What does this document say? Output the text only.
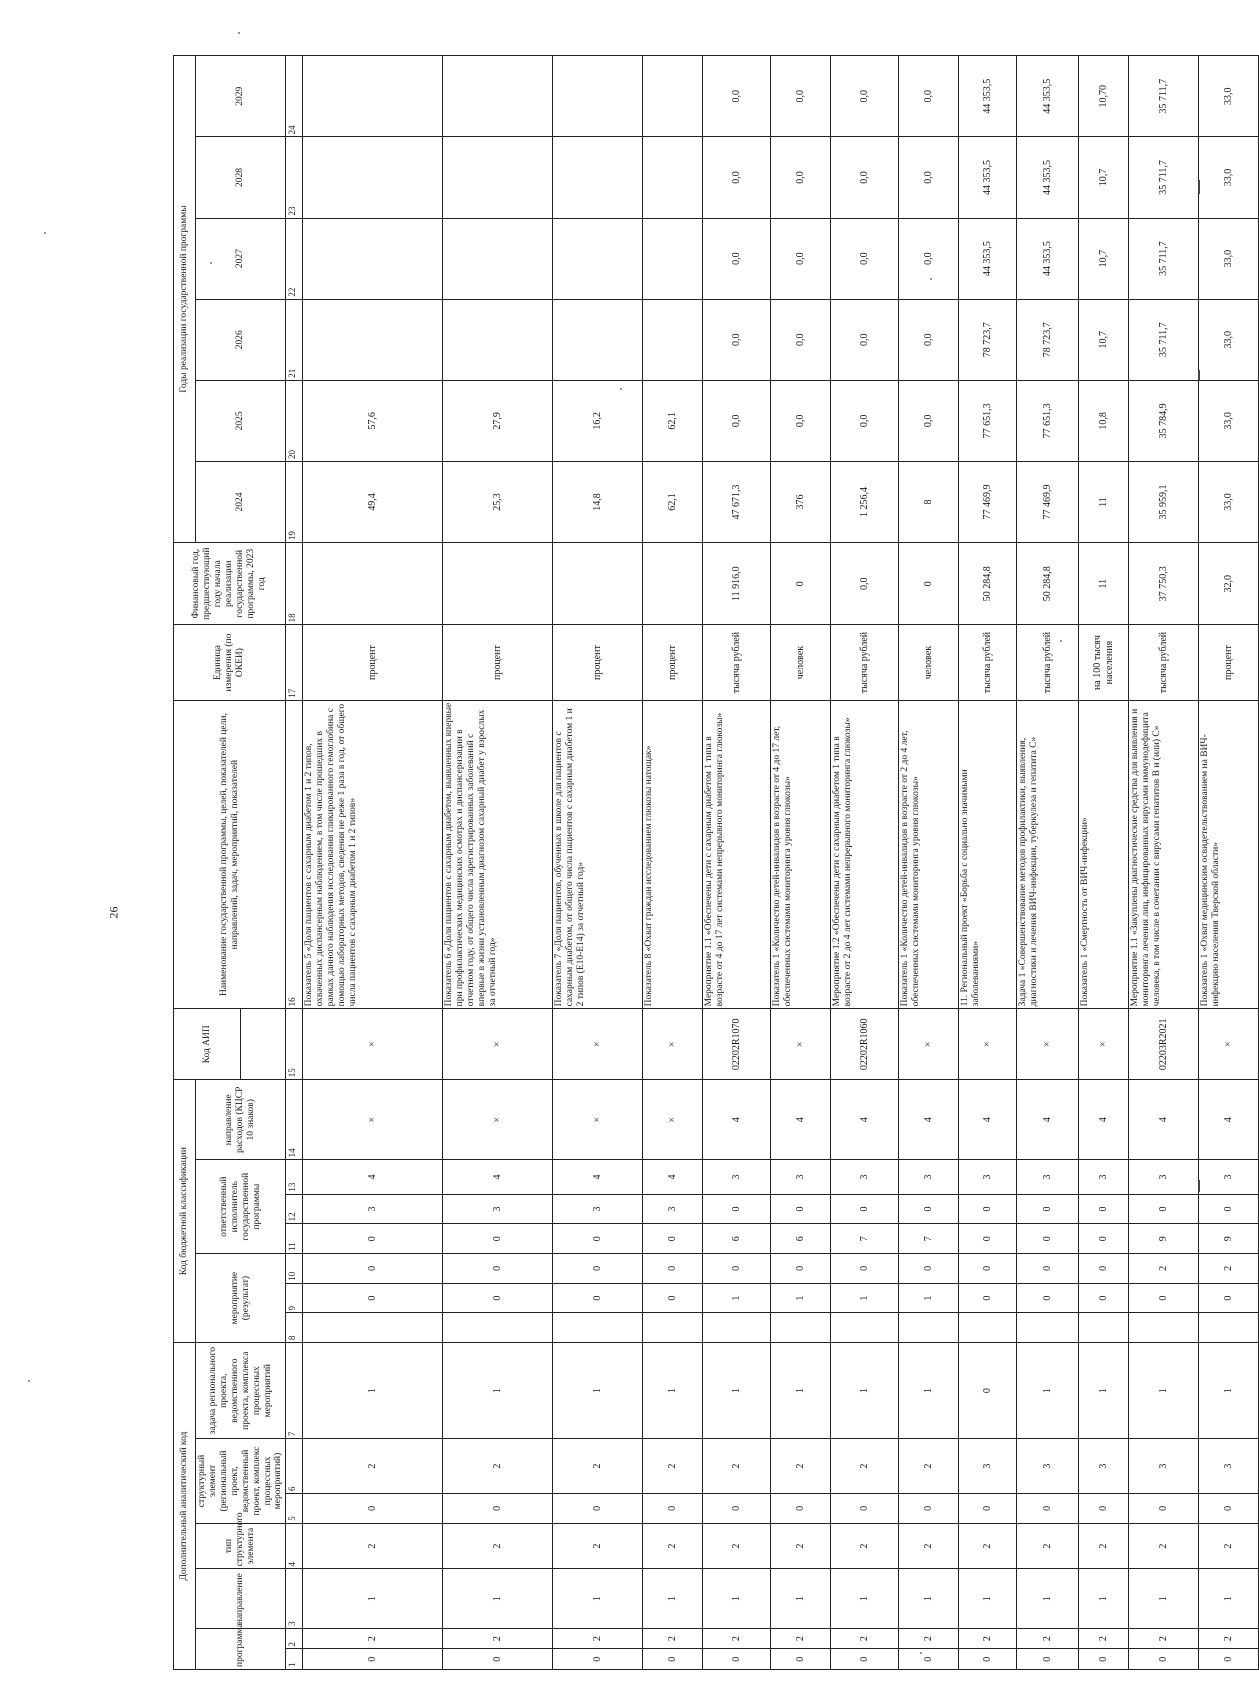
26
Дополнительный аналитический код							Код бюджетной классификации							Код АИП	Наименование государственной программы, целей, показателей цели, направлений, задач, мероприятий, показателей	Единица измерения (по ОКЕИ)	Финансовый год, предшествующий году начала реализации государственной программы, 2023 год	Годы реализации государственной программы					
программа		направление	тип структурного элемента	структурный элемент (региональный проект, ведомственный проект, комплекс процессных мероприятий)		задача регионального проекта, ведомственного проекта, комплекса процессных мероприятий	мероприятие (результат)			ответственный исполнитель государственной программы			направление расходов (КЦСР 10 знаков)					2024	2025	2026	2027	2028	2029

1	2	3	4	5	6	7	8	9	10	11	12	13	14	15	16	17	18	19	20	21	22	23	24
0	2	1	2	0	2	1		0	0	0	3	4	×	×	Показатель 5 «Доля пациентов с сахарным диабетом 1 и 2 типов, охваченных диспансерным наблюдением, в том числе прошедших в рамках данного наблюдения исследования гликированного гемоглобина с помощью лабораторных методов, сведения не реже 1 раза в год, от общего числа пациентов с сахарным диабетом 1 и 2 типов»	процент		49,4	57,6				
0	2	1	2	0	2	1		0	0	0	3	4	×	×	Показатель 6 «Доля пациентов с сахарным диабетом, выявленных впервые при профилактических медицинских осмотрах и диспансеризации в отчетном году, от общего числа зарегистрированных заболеваний с впервые в жизни установленным диагнозом сахарный диабет у взрослых за отчетный год»	процент		25,3	27,9				
0	2	1	2	0	2	1		0	0	0	3	4	×	×	Показатель 7 «Доля пациентов, обученных в школе для пациентов с сахарным диабетом, от общего числа пациентов с сахарным диабетом 1 и 2 типов (E10-E14) за отчетный год»	процент		14,8	16,2				
0	2	1	2	0	2	1		0	0	0	3	4	×	×	Показатель 8 «Охват граждан исследованием глюкозы натощак»	процент		62,1	62,1				
0	2	1	2	0	2	1		1	0	6	0	3	4	02202R1070	Мероприятие 1.1 «Обеспечены дети с сахарным диабетом 1 типа в возрасте от 4 до 17 лет системами непрерывного мониторинга глюкозы»	тысяча рублей	11 916,0	47 671,3	0,0	0,0	0,0	0,0	0,0
0	2	1	2	0	2	1		1	0	6	0	3	4	×	Показатель 1 «Количество детей-инвалидов в возрасте от 4 до 17 лет, обеспеченных системами мониторинга уровня глюкозы»	человек	0	376	0,0	0,0	0,0	0,0	0,0
0	2	1	2	0	2	1		1	0	7	0	3	4	02202R1060	Мероприятие 1.2 «Обеспечены дети с сахарным диабетом 1 типа в возрасте от 2 до 4 лет системами непрерывного мониторинга глюкозы»	тысяча рублей	0,0	1 256,4	0,0	0,0	0,0	0,0	0,0
0	2	1	2	0	2	1		1	0	7	0	3	4	×	Показатель 1 «Количество детей-инвалидов в возрасте от 2 до 4 лет, обеспеченных системами мониторинга уровня глюкозы»	человек	0	8	0,0	0,0	0,0	0,0	0,0
0	2	1	2	0	3	0		0	0	0	0	3	4	×	11. Региональный проект «Борьба с социально значимыми заболеваниями»	тысяча рублей	50 284,8	77 469,9	77 651,3	78 723,7	44 353,5	44 353,5	44 353,5
0	2	1	2	0	3	1		0	0	0	0	3	4	×	Задача 1 «Совершенствование методов профилактики, выявления, диагностики и лечения ВИЧ-инфекции, туберкулеза и гепатита С»	тысяча рублей	50 284,8	77 469,9	77 651,3	78 723,7	44 353,5	44 353,5	44 353,5
0	2	1	2	0	3	1		0	0	0	0	3	4	×	Показатель 1 «Смертность от ВИЧ-инфекции»	на 100 тысяч населения	11	11	10,8	10,7	10,7	10,7	10,70
0	2	1	2	0	3	1		0	2	9	0	3	4	02203R2021	Мероприятие 1.1 «Закуплены диагностические средства для выявления и мониторинга лечения лиц, инфицированных вирусами иммунодефицита человека, в том числе в сочетании с вирусами гепатитов B и (или) C»	тысяча рублей	37 750,3	35 959,1	35 784,9	35 711,7	35 711,7	35 711,7	35 711,7
0	2	1	2	0	3	1		0	2	9	0	3	4	×	Показатель 1 «Охват медицинским освидетельствованием на ВИЧ-инфекцию населения Тверской области»	процент	32,0	33,0	33,0	33,0	33,0	33,0	33,0
